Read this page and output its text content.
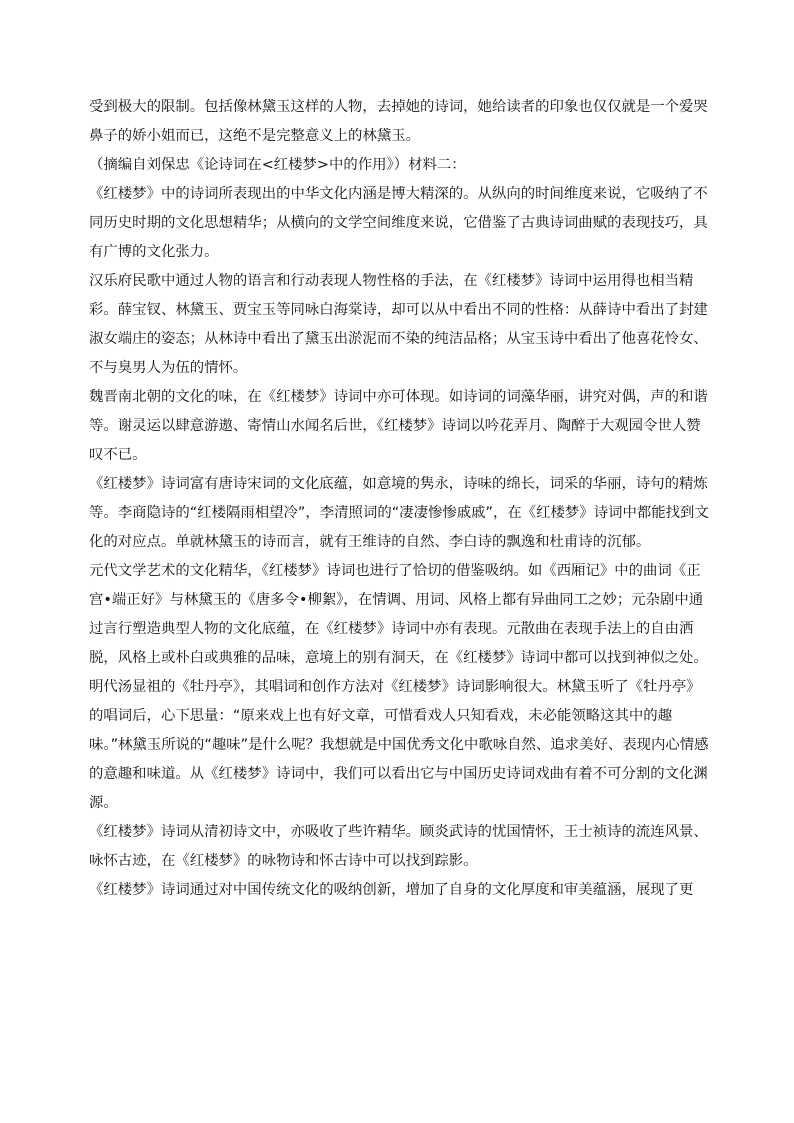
受到极大的限制。包括像林黛玉这样的人物，去掉她的诗词，她给读者的印象也仅仅就是一个爱哭鼻子的娇小姐而已，这绝不是完整意义上的林黛玉。

（摘编自刘保忠《论诗词在<红楼梦>中的作用》）材料二：

《红楼梦》中的诗词所表现出的中华文化内涵是博大精深的。从纵向的时间维度来说，它吸纳了不同历史时期的文化思想精华；从横向的文学空间维度来说，它借鉴了古典诗词曲赋的表现技巧，具有广博的文化张力。

汉乐府民歌中通过人物的语言和行动表现人物性格的手法，在《红楼梦》诗词中运用得也相当精彩。薛宝钗、林黛玉、贾宝玉等同咏白海棠诗，却可以从中看出不同的性格：从薛诗中看出了封建淑女端庄的姿态；从林诗中看出了黛玉出淤泥而不染的纯洁品格；从宝玉诗中看出了他喜花怜女、不与臭男人为伍的情怀。

魏晋南北朝的文化的味，在《红楼梦》诗词中亦可体现。如诗词的词藻华丽，讲究对偶，声的和谐等。谢灵运以肆意游遨、寄情山水闻名后世，《红楼梦》诗词以吟花弄月、陶醉于大观园令世人赞叹不已。

《红楼梦》诗词富有唐诗宋词的文化底蕴，如意境的隽永，诗味的绵长，词采的华丽，诗句的精炼等。李商隐诗的“红楼隔雨相望冷”，李清照词的“凄凄惨惨戚戚”，在《红楼梦》诗词中都能找到文化的对应点。单就林黛玉的诗而言，就有王维诗的自然、李白诗的飘逸和杜甫诗的沉郁。

元代文学艺术的文化精华，《红楼梦》诗词也进行了恰切的借鉴吸纳。如《西厢记》中的曲词《正宫•端正好》与林黛玉的《唐多令•柳絮》，在情调、用词、风格上都有异曲同工之妙；元杂剧中通过言行塑造典型人物的文化底蕴，在《红楼梦》诗词中亦有表现。元散曲在表现手法上的自由洒脱，风格上或朴白或典雅的品味，意境上的别有洞天，在《红楼梦》诗词中都可以找到神似之处。

明代汤显祖的《牡丹亭》，其唱词和创作方法对《红楼梦》诗词影响很大。林黛玉听了《牡丹亭》的唱词后，心下思量：“原来戏上也有好文章，可惜看戏人只知看戏，未必能领略这其中的趣味。”林黛玉所说的“趣味”是什么呢？我想就是中国优秀文化中歌咏自然、追求美好、表现内心情感的意趣和味道。从《红楼梦》诗词中，我们可以看出它与中国历史诗词戏曲有着不可分割的文化渊源。

《红楼梦》诗词从清初诗文中，亦吸收了些许精华。顾炎武诗的忧国情怀，王士祯诗的流连风景、咏怀古迹，在《红楼梦》的咏物诗和怀古诗中可以找到踪影。

《红楼梦》诗词通过对中国传统文化的吸纳创新，增加了自身的文化厚度和审美蕴涵，展现了更
